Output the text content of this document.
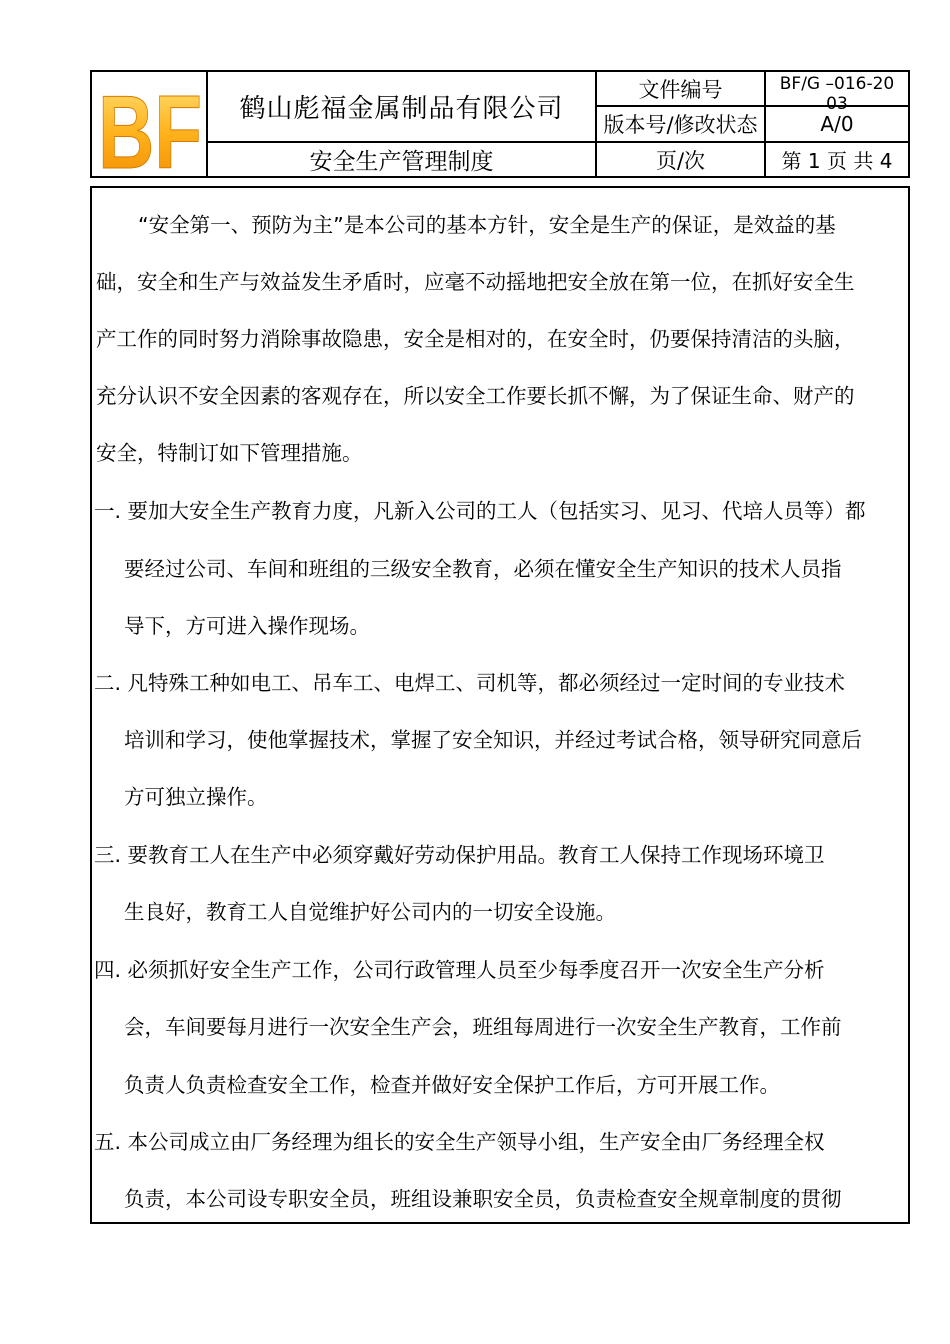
BF	鹤山彪福金属制品有限公司
安全生产管理制度
文件编号
版本号/修改状态
页/次
BF/G –016-2003
A/0
第 1 页 共 4
“安全第一、预防为主”是本公司的基本方针，安全是生产的保证，是效益的基
础，安全和生产与效益发生矛盾时，应毫不动摇地把安全放在第一位，在抓好安全生
产工作的同时努力消除事故隐患，安全是相对的，在安全时，仍要保持清洁的头脑，
充分认识不安全因素的客观存在，所以安全工作要长抓不懈，为了保证生命、财产的
安全，特制订如下管理措施。
一. 要加大安全生产教育力度，凡新入公司的工人（包括实习、见习、代培人员等）都
要经过公司、车间和班组的三级安全教育，必须在懂安全生产知识的技术人员指
导下，方可进入操作现场。
二. 凡特殊工种如电工、吊车工、电焊工、司机等，都必须经过一定时间的专业技术
培训和学习，使他掌握技术，掌握了安全知识，并经过考试合格，领导研究同意后
方可独立操作。
三. 要教育工人在生产中必须穿戴好劳动保护用品。教育工人保持工作现场环境卫
生良好，教育工人自觉维护好公司内的一切安全设施。
四. 必须抓好安全生产工作，公司行政管理人员至少每季度召开一次安全生产分析
会，车间要每月进行一次安全生产会，班组每周进行一次安全生产教育，工作前
负责人负责检查安全工作，检查并做好安全保护工作后，方可开展工作。
五. 本公司成立由厂务经理为组长的安全生产领导小组，生产安全由厂务经理全权
负责，本公司设专职安全员，班组设兼职安全员，负责检查安全规章制度的贯彻
